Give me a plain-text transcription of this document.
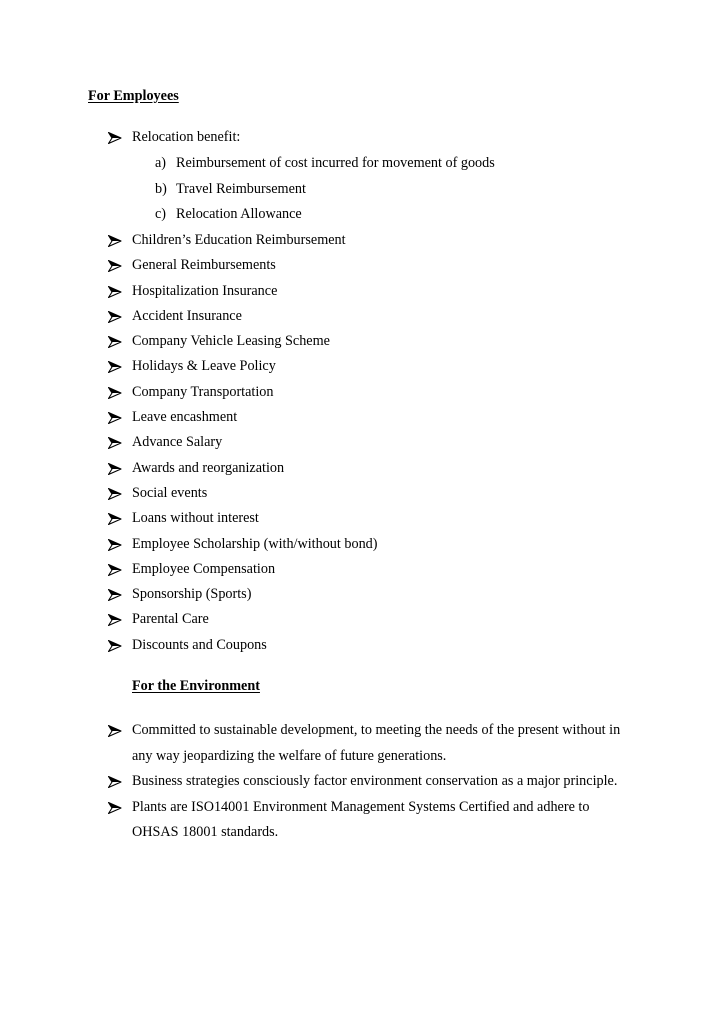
For Employees
Relocation benefit:
a) Reimbursement of cost incurred for movement of goods
b) Travel Reimbursement
c) Relocation Allowance
Children’s Education Reimbursement
General Reimbursements
Hospitalization Insurance
Accident Insurance
Company Vehicle Leasing Scheme
Holidays & Leave Policy
Company Transportation
Leave encashment
Advance Salary
Awards and reorganization
Social events
Loans without interest
Employee Scholarship (with/without bond)
Employee Compensation
Sponsorship (Sports)
Parental Care
Discounts and Coupons
For the Environment
Committed to sustainable development, to meeting the needs of the present without in
any way jeopardizing the welfare of future generations.
Business strategies consciously factor environment conservation as a major principle.
Plants are ISO14001 Environment Management Systems Certified and adhere to
OHSAS 18001 standards.
